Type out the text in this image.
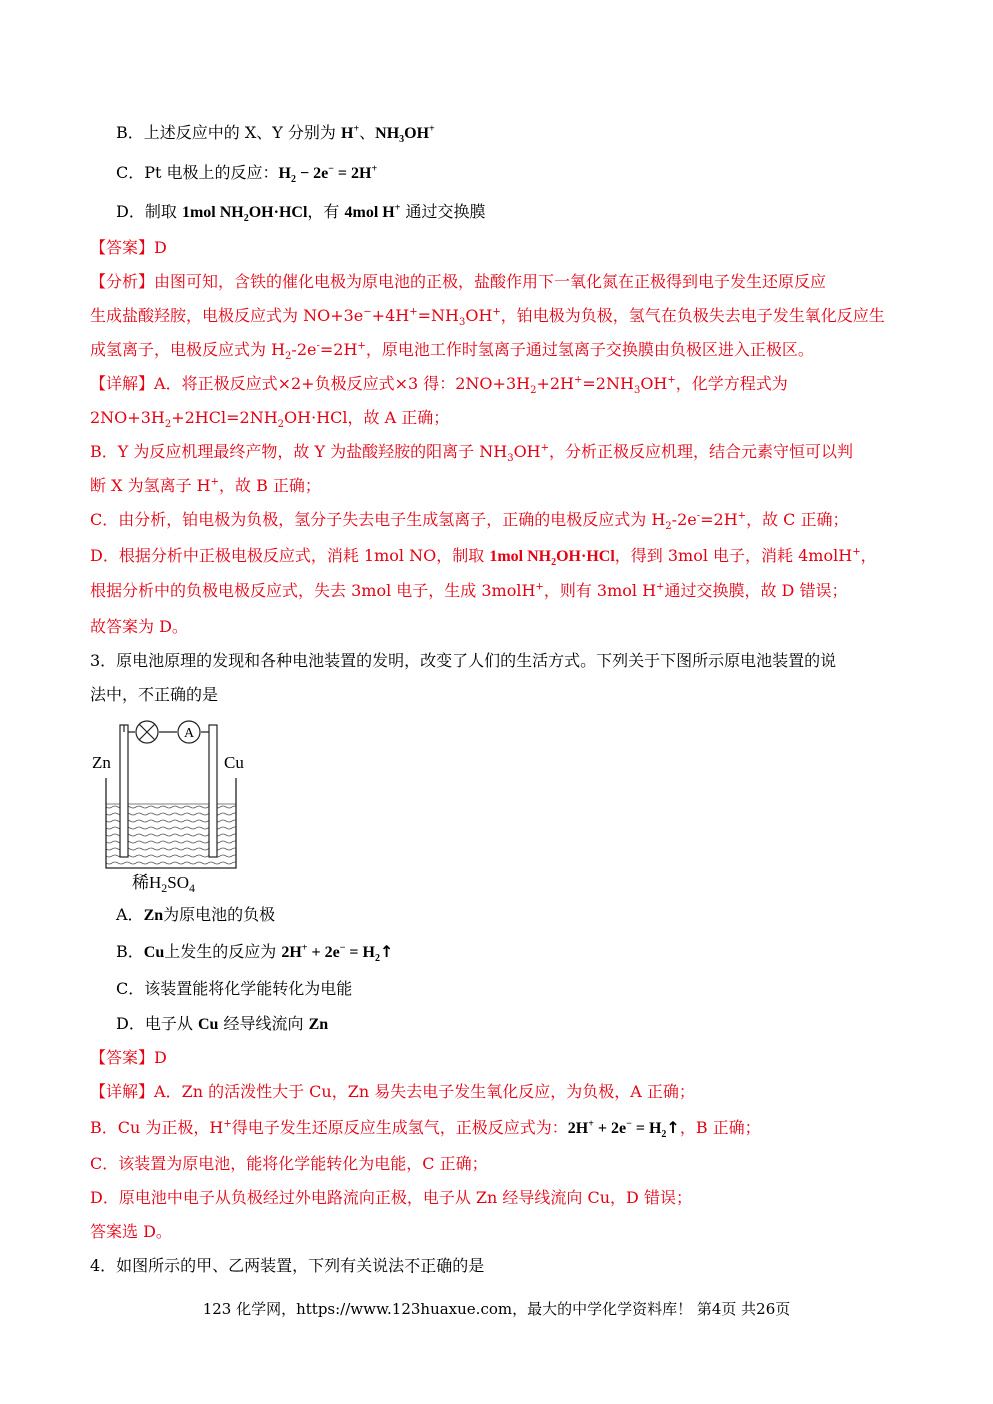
B．上述反应中的 X、Y 分别为 H+、$NH_3OH^+$
C．Pt 电极上的反应：$H_2 - 2e^- = 2H^+$
D．制取 1mol $NH_2OH\cdot HCl$，有 4mol H+ 通过交换膜
【答案】D
【分析】由图可知，含铁的催化电极为原电池的正极，盐酸作用下一氧化氮在正极得到电子发生还原反应
生成盐酸羟胺，电极反应式为 $NO+3e^-+4H^+=NH_3OH^+$，铂电极为负极，氢气在负极失去电子发生氧化反应生
成氢离子，电极反应式为 $H_2-2e^-=2H^+$，原电池工作时氢离子通过氢离子交换膜由负极区进入正极区。
【详解】A．将正极反应式×2+负极反应式×3 得：$2NO+3H_2+2H^+=2NH_3OH^+$，化学方程式为
$2NO+3H_2+2HCl=2NH_2OH\cdot HCl$，故 A 正确；
B．Y 为反应机理最终产物，故 Y 为盐酸羟胺的阳离子 $NH_3OH^+$，分析正极反应机理，结合元素守恒可以判
断 X 为氢离子 H+，故 B 正确；
C．由分析，铂电极为负极，氢分子失去电子生成氢离子，正确的电极反应式为 $H_2-2e^-=2H^+$，故 C 正确；
D．根据分析中正极电极反应式，消耗 1mol NO，制取 1mol $NH_2OH\cdot HCl$，得到 3mol 电子，消耗 4molH+，
根据分析中的负极电极反应式，失去 3mol 电子，生成 3molH+，则有 3mol H+通过交换膜，故 D 错误；
故答案为 D。
3．原电池原理的发现和各种电池装置的发明，改变了人们的生活方式。下列关于下图所示原电池装置的说
法中，不正确的是
A
Zn	Cu
稀$H_2SO_4$
A．Zn为原电池的负极
B．Cu上发生的反应为 $2H^+ + 2e^- = H_2↑$
C．该装置能将化学能转化为电能
D．电子从 Cu 经导线流向 Zn
【答案】D
【详解】A．Zn 的活泼性大于 Cu，Zn 易失去电子发生氧化反应，为负极，A 正确；
B．Cu 为正极，H+得电子发生还原反应生成氢气，正极反应式为：$2H^+ + 2e^- = H_2↑$，B 正确；
C．该装置为原电池，能将化学能转化为电能，C 正确；
D．原电池中电子从负极经过外电路流向正极，电子从 Zn 经导线流向 Cu，D 错误；
答案选 D。
4．如图所示的甲、乙两装置，下列有关说法不正确的是
123 化学网，https://www.123huaxue.com，最大的中学化学资料库！ 第4页 共26页
